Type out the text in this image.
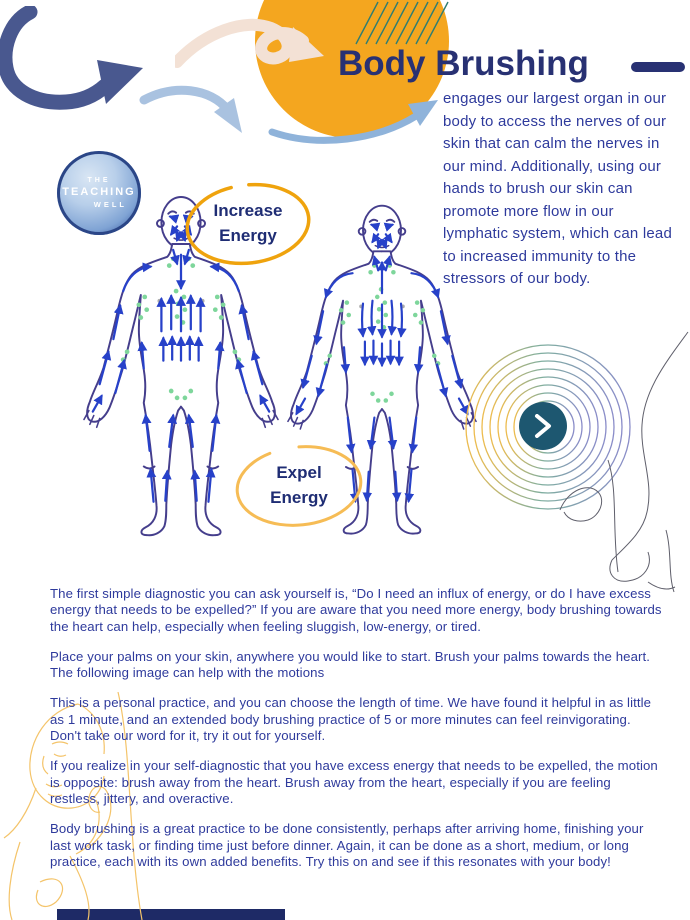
Body Brushing
engages our largest organ in our body to access the nerves of our skin that can calm the nerves in our mind. Additionally, using our hands to brush our skin can promote more flow in our lymphatic system, which can lead to increased immunity to the stressors of our body.
THE
TEACHING
WELL	Increase
Energy
Expel
Energy

The first simple diagnostic you can ask yourself is, “Do I need an influx of energy, or do I have excess energy that needs to be expelled?” If you are aware that you need more energy, body brushing towards the heart can help, especially when feeling sluggish, low-energy, or tired.

Place your palms on your skin, anywhere you would like to start. Brush your palms towards the heart. The following image can help with the motions

This is a personal practice, and you can choose the length of time. We have found it helpful in as little as 1 minute, and an extended body brushing practice of 5 or more minutes can feel reinvigorating. Don't take our word for it, try it out for yourself.

If you realize in your self-diagnostic that you have excess energy that needs to be expelled, the motion is opposite: brush away from the heart. Brush away from the heart, especially if you are feeling restless, jittery, and overactive.

Body brushing is a great practice to be done consistently, perhaps after arriving home, finishing your last work task, or finding time just before dinner. Again, it can be done as a short, medium, or long practice, each with its own added benefits. Try this on and see if this resonates with your body!
